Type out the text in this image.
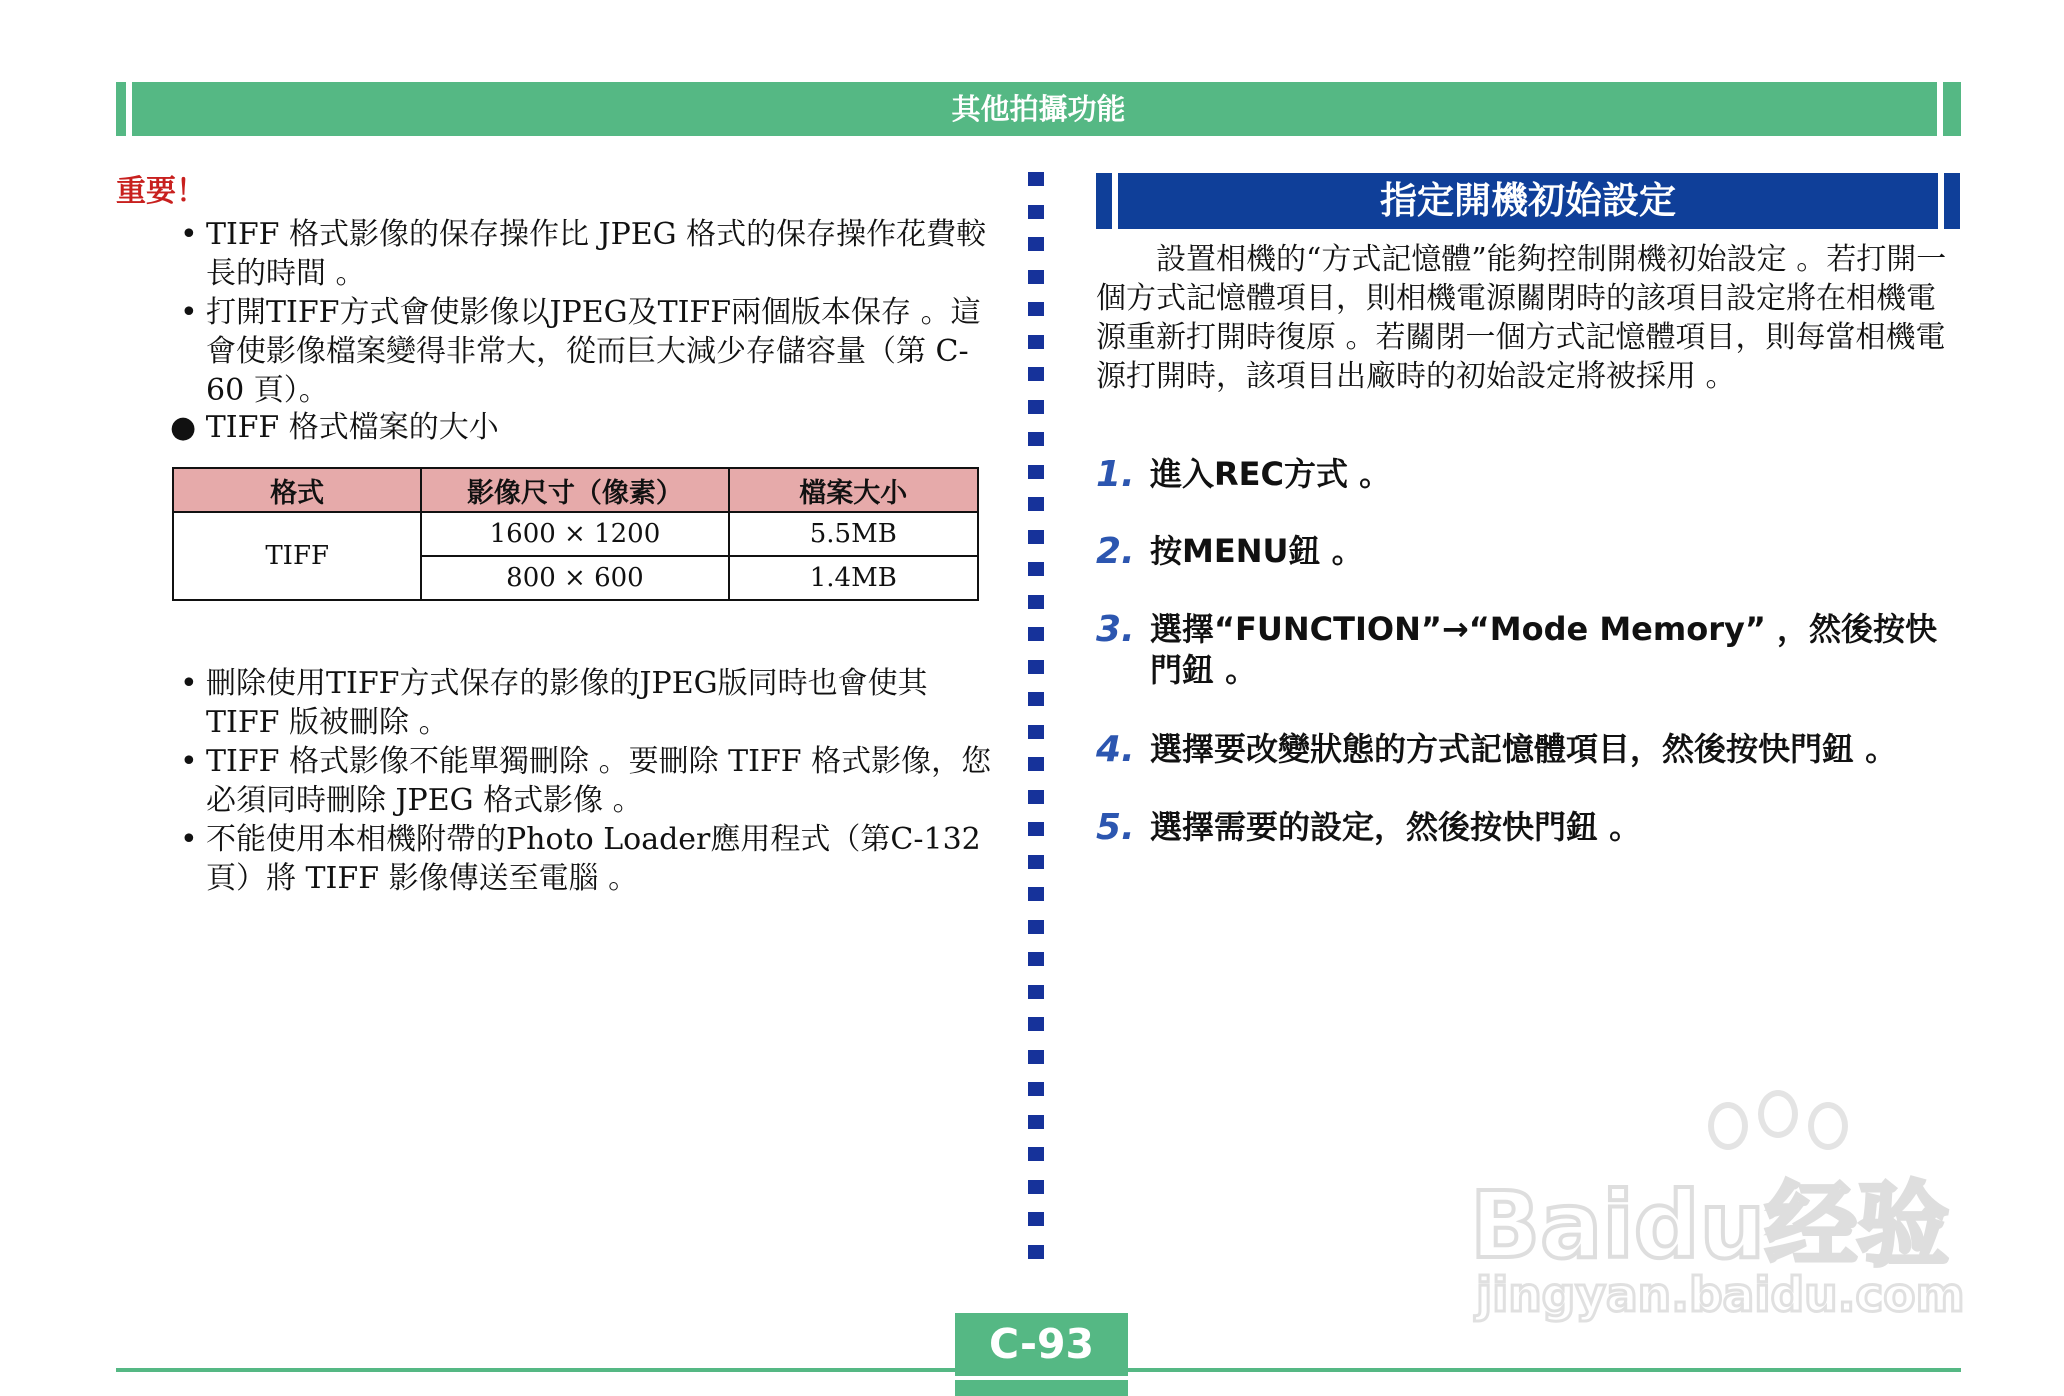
其他拍攝功能
重要！
• TIFF 格式影像的保存操作比 JPEG 格式的保存操作花費較長的時間 。
• 打開TIFF方式會使影像以JPEG及TIFF兩個版本保存 。這會使影像檔案變得非常大，從而巨大減少存儲容量（第 C-60 頁）。
● TIFF 格式檔案的大小
格式	影像尺寸（像素）	檔案大小
TIFF	1600 × 1200	5.5MB
	800 × 600	1.4MB
• 刪除使用TIFF方式保存的影像的JPEG版同時也會使其TIFF 版被刪除 。
• TIFF 格式影像不能單獨刪除 。要刪除 TIFF 格式影像，您必須同時刪除 JPEG 格式影像 。
• 不能使用本相機附帶的Photo Loader應用程式（第C-132 頁）將 TIFF 影像傳送至電腦 。
指定開機初始設定

　　設置相機的“方式記憶體”能夠控制開機初始設定 。若打開一個方式記憶體項目，則相機電源關閉時的該項目設定將在相機電源重新打開時復原 。若關閉一個方式記憶體項目，則每當相機電源打開時，該項目出廠時的初始設定將被採用 。

1. 進入REC方式 。
2. 按MENU鈕 。
3. 選擇“FUNCTION”→“Mode Memory” ，然後按快門鈕 。
4. 選擇要改變狀態的方式記憶體項目，然後按快門鈕 。
5. 選擇需要的設定，然後按快門鈕 。
Baidu经验
jingyan.baidu.com
C-93
